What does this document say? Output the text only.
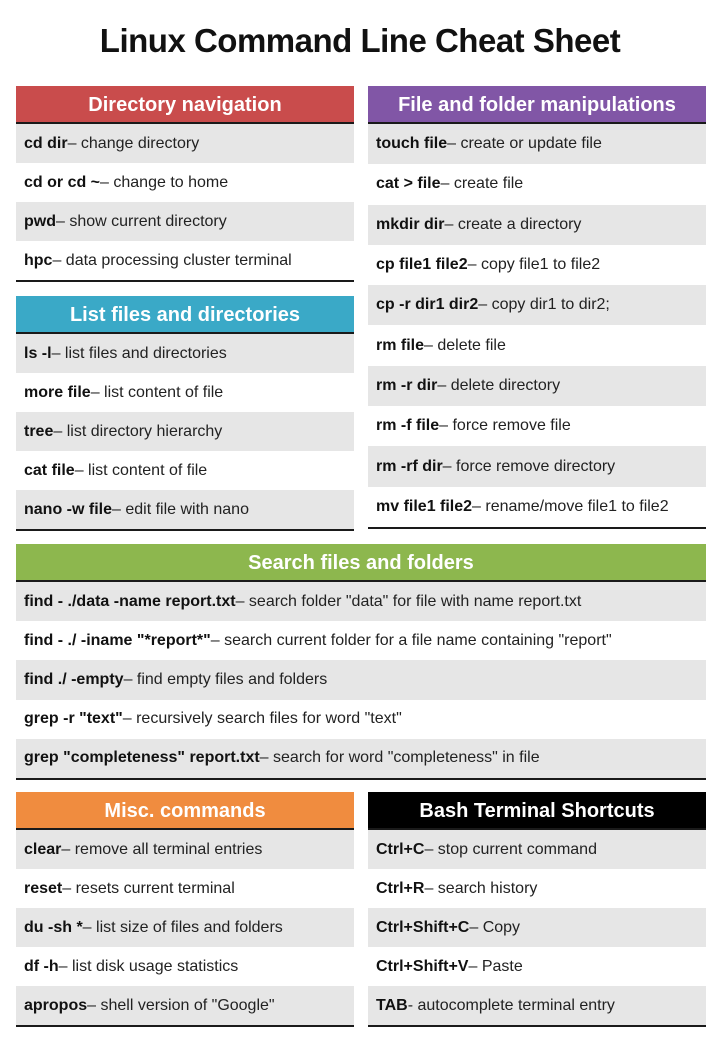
Linux Command Line Cheat Sheet
Directory navigation
cd dir – change directory
cd or cd ~ – change to home
pwd – show current directory
hpc – data processing cluster terminal
List files and directories
ls -l – list files and directories
more file – list content of file
tree – list directory hierarchy
cat file – list content of file
nano -w file – edit file with nano
File and folder manipulations
touch file – create or update file
cat > file – create file
mkdir dir – create a directory
cp file1 file2 – copy file1 to file2
cp -r dir1 dir2 – copy dir1 to dir2;
rm file – delete file
rm -r dir – delete directory
rm -f file – force remove file
rm -rf dir – force remove directory
mv file1 file2 – rename/move file1 to file2
Search files and folders
find - ./data -name report.txt – search folder "data" for file with name report.txt
find - ./ -iname "*report*" – search current folder for a file name containing "report"
find ./ -empty – find empty files and folders
grep -r "text" – recursively search files for word "text"
grep "completeness" report.txt – search for word "completeness" in file
Misc. commands
clear – remove all terminal entries
reset – resets current terminal
du -sh * – list size of files and folders
df -h – list disk usage statistics
apropos – shell version of "Google"
Bash Terminal Shortcuts
Ctrl+C – stop current command
Ctrl+R – search history
Ctrl+Shift+C – Copy
Ctrl+Shift+V – Paste
TAB - autocomplete terminal entry
